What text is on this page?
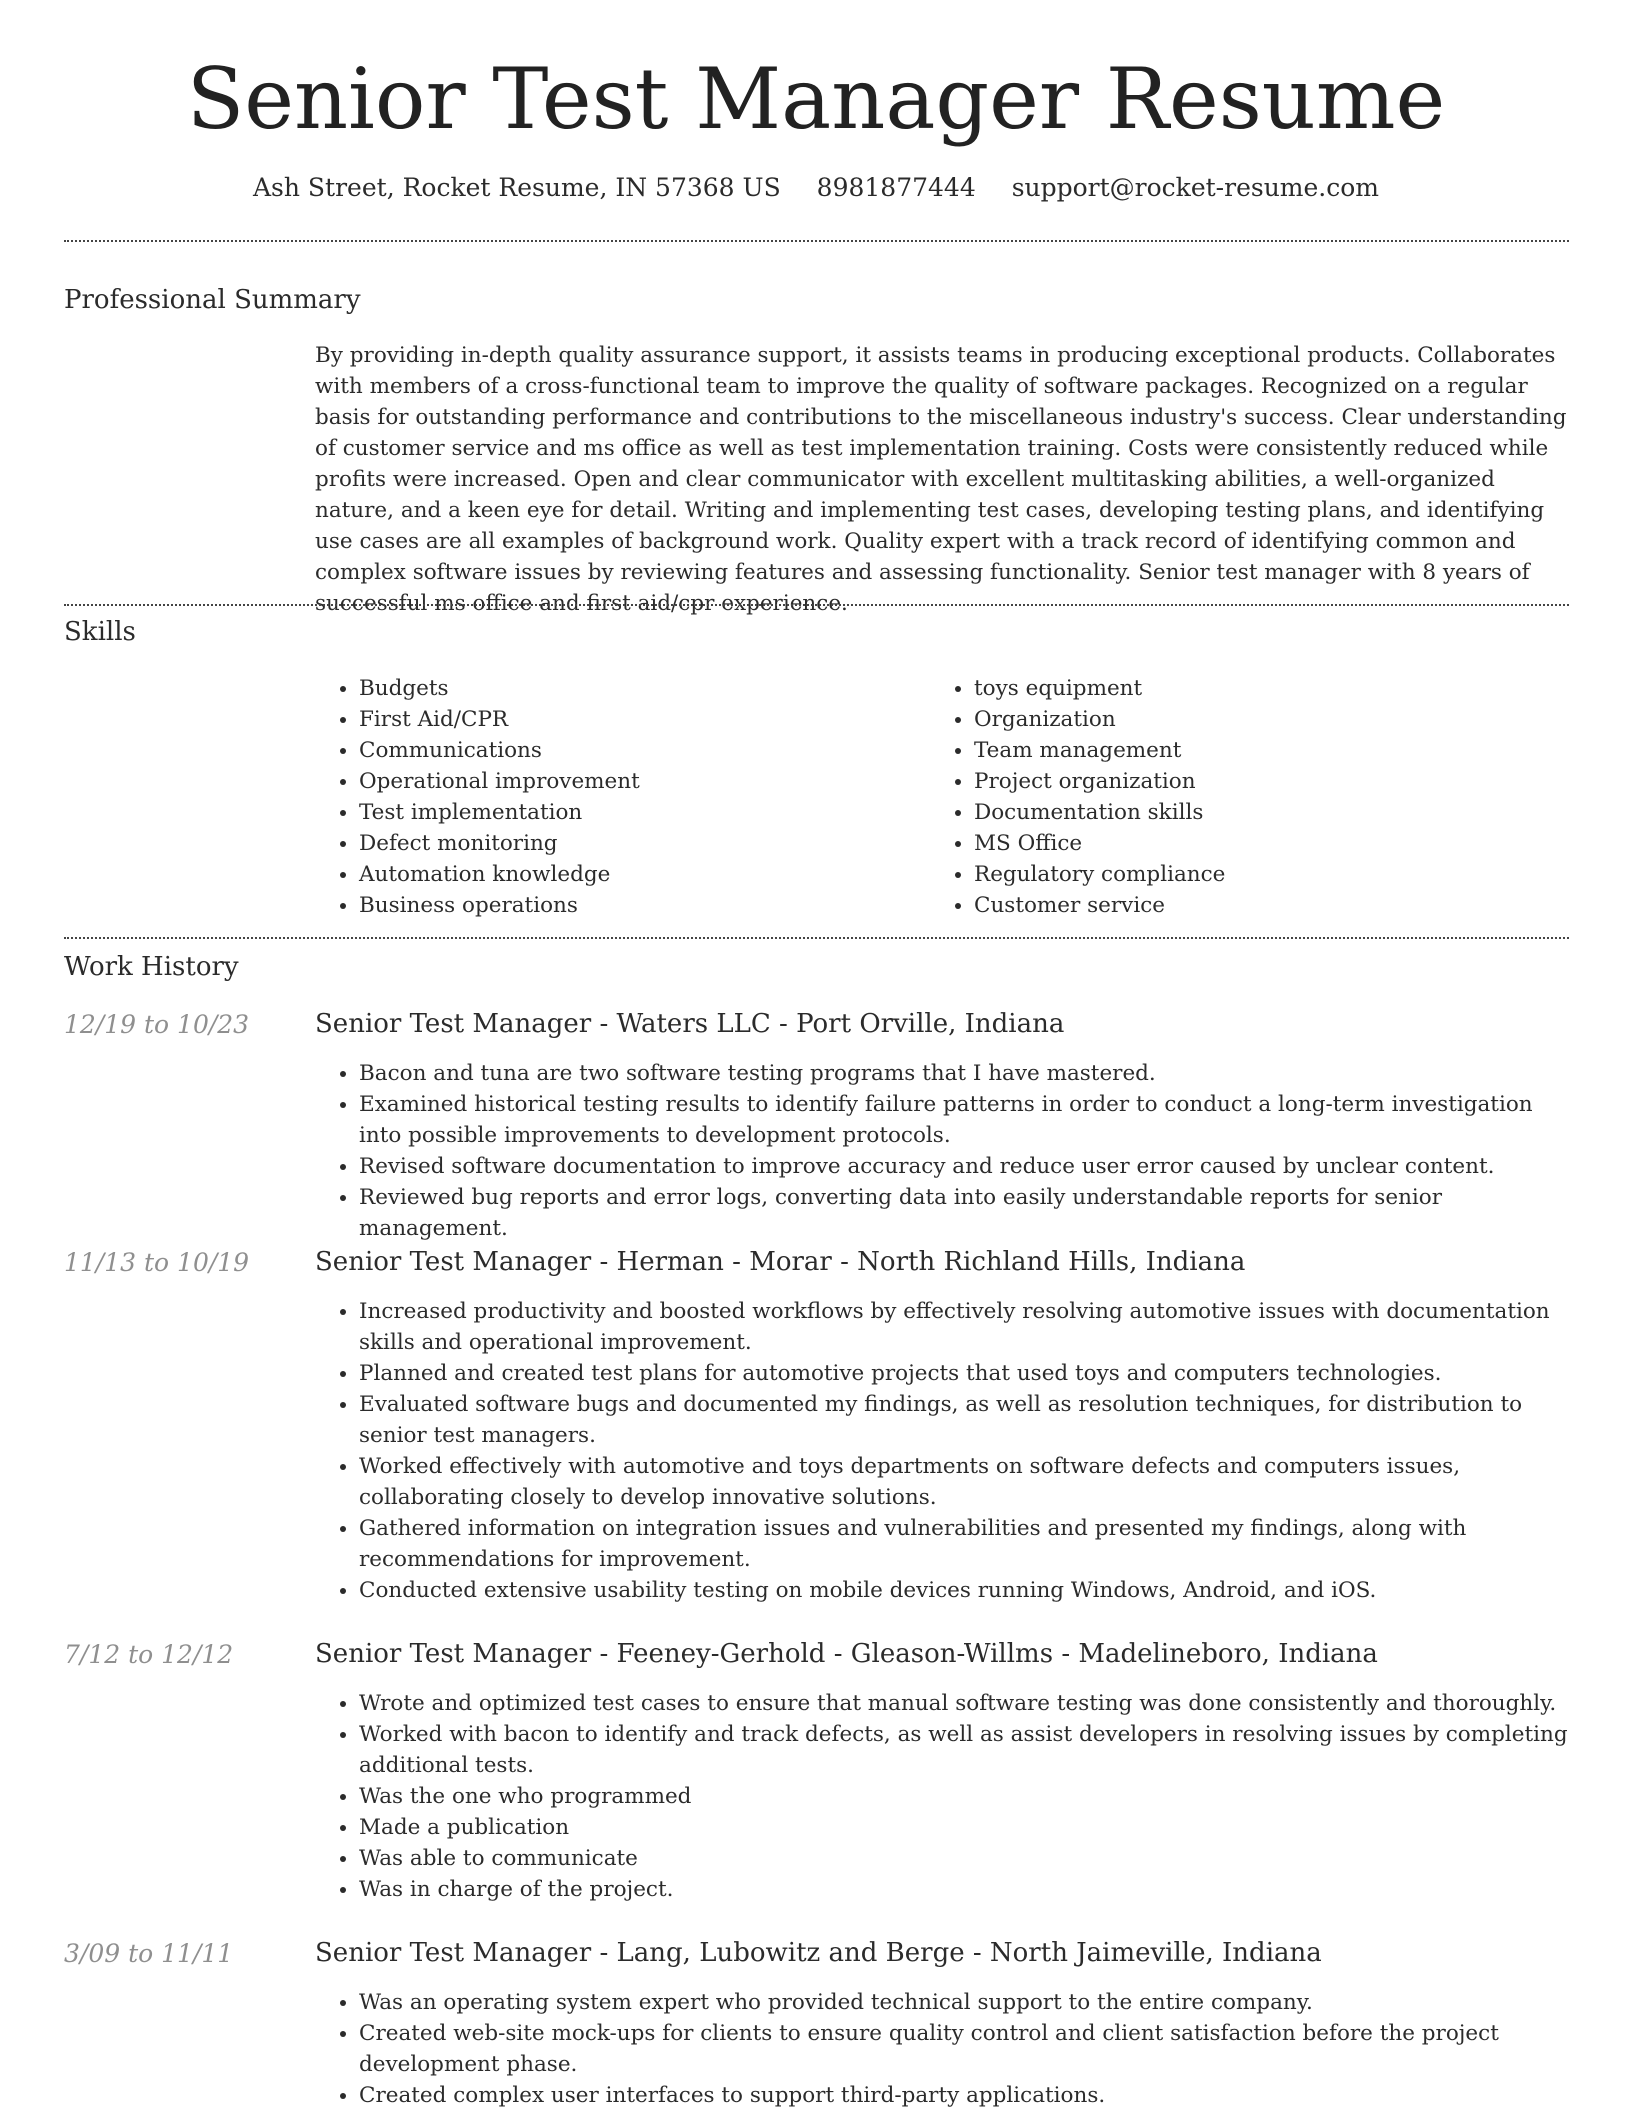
Senior Test Manager Resume
Ash Street, Rocket Resume, IN 57368 US 8981877444 support@rocket-resume.com
Professional Summary

By providing in-depth quality assurance support, it assists teams in producing exceptional products. Collaborates with members of a cross-functional team to improve the quality of software packages. Recognized on a regular basis for outstanding performance and contributions to the miscellaneous industry's success. Clear understanding of customer service and ms office as well as test implementation training. Costs were consistently reduced while profits were increased. Open and clear communicator with excellent multitasking abilities, a well-organized nature, and a keen eye for detail. Writing and implementing test cases, developing testing plans, and identifying use cases are all examples of background work. Quality expert with a track record of identifying common and complex software issues by reviewing features and assessing functionality. Senior test manager with 8 years of successful ms office and first aid/cpr experience.

Skills
• Budgets
• First Aid/CPR
• Communications
• Operational improvement
• Test implementation
• Defect monitoring
• Automation knowledge
• Business operations
• toys equipment
• Organization
• Team management
• Project organization
• Documentation skills
• MS Office
• Regulatory compliance
• Customer service
Work History
12/19 to 10/23	Senior Test Manager - Waters LLC - Port Orville, Indiana
• Bacon and tuna are two software testing programs that I have mastered.
• Examined historical testing results to identify failure patterns in order to conduct a long-term investigation into possible improvements to development protocols.
• Revised software documentation to improve accuracy and reduce user error caused by unclear content.
• Reviewed bug reports and error logs, converting data into easily understandable reports for senior management.
11/13 to 10/19	Senior Test Manager - Herman - Morar - North Richland Hills, Indiana
• Increased productivity and boosted workflows by effectively resolving automotive issues with documentation skills and operational improvement.
• Planned and created test plans for automotive projects that used toys and computers technologies.
• Evaluated software bugs and documented my findings, as well as resolution techniques, for distribution to senior test managers.
• Worked effectively with automotive and toys departments on software defects and computers issues, collaborating closely to develop innovative solutions.
• Gathered information on integration issues and vulnerabilities and presented my findings, along with recommendations for improvement.
• Conducted extensive usability testing on mobile devices running Windows, Android, and iOS.
7/12 to 12/12	Senior Test Manager - Feeney-Gerhold - Gleason-Willms - Madelineboro, Indiana
• Wrote and optimized test cases to ensure that manual software testing was done consistently and thoroughly.
• Worked with bacon to identify and track defects, as well as assist developers in resolving issues by completing additional tests.
• Was the one who programmed
• Made a publication
• Was able to communicate
• Was in charge of the project.
3/09 to 11/11	Senior Test Manager - Lang, Lubowitz and Berge - North Jaimeville, Indiana
• Was an operating system expert who provided technical support to the entire company.
• Created web-site mock-ups for clients to ensure quality control and client satisfaction before the project development phase.
• Created complex user interfaces to support third-party applications.
